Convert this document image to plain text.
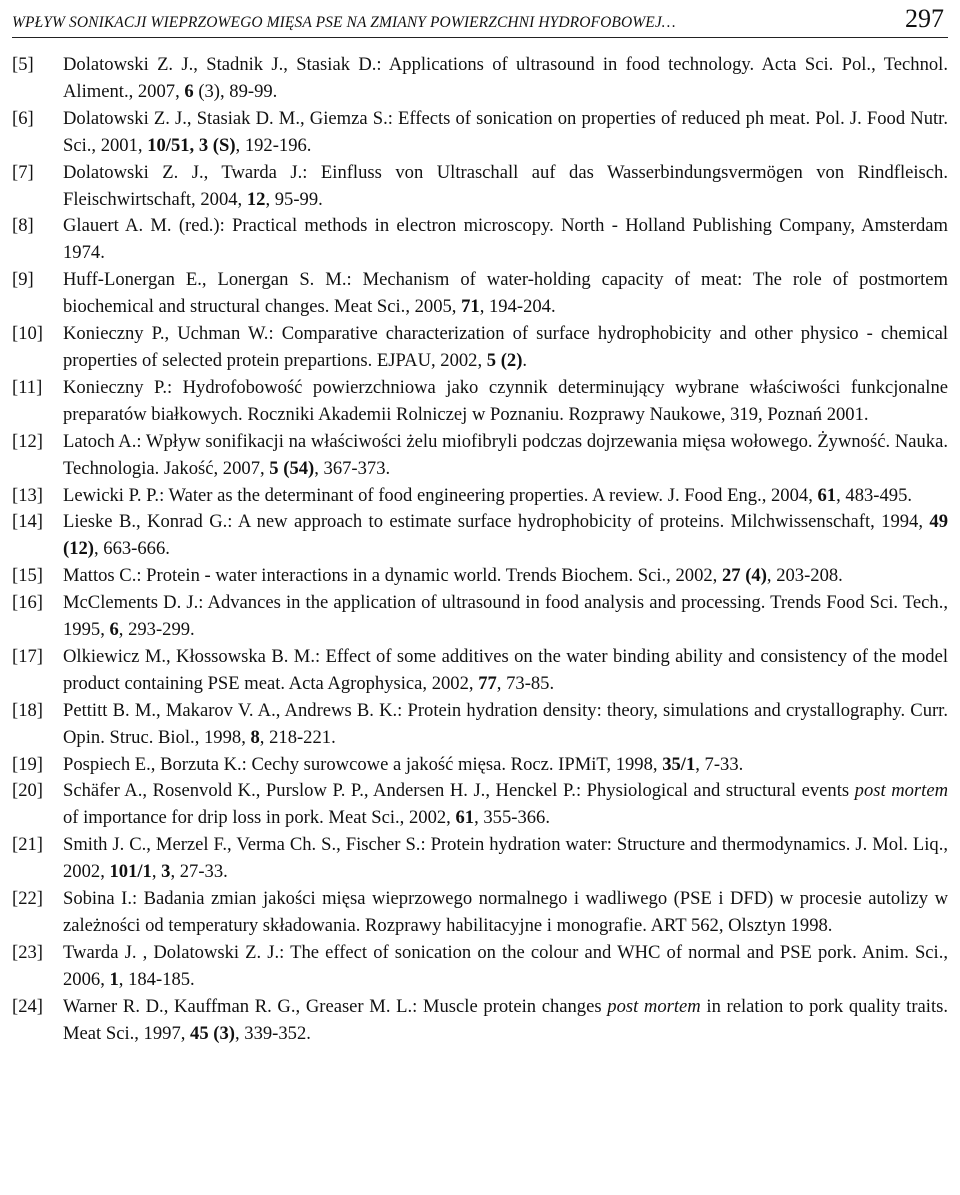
WPŁYW SONIKACJI WIEPRZOWEGO MIĘSA PSE NA ZMIANY POWIERZCHNI HYDROFOBOWEJ…	297
[5]	Dolatowski Z. J., Stadnik J., Stasiak D.: Applications of ultrasound in food technology. Acta Sci. Pol., Technol. Aliment., 2007, 6 (3), 89-99.
[6]	Dolatowski Z. J., Stasiak D. M., Giemza S.: Effects of sonication on properties of reduced ph meat. Pol. J. Food Nutr. Sci., 2001, 10/51, 3 (S), 192-196.
[7]	Dolatowski Z. J., Twarda J.: Einfluss von Ultraschall auf das Wasserbindungsvermögen von Rindfleisch. Fleischwirtschaft, 2004, 12, 95-99.
[8]	Glauert A. M. (red.): Practical methods in electron microscopy. North - Holland Publishing Company, Amsterdam 1974.
[9]	Huff-Lonergan E., Lonergan S. M.: Mechanism of water-holding capacity of meat: The role of postmortem biochemical and structural changes. Meat Sci., 2005, 71, 194-204.
[10]	Konieczny P., Uchman W.: Comparative characterization of surface hydrophobicity and other physico - chemical properties of selected protein prepartions. EJPAU, 2002, 5 (2).
[11]	Konieczny P.: Hydrofobowość powierzchniowa jako czynnik determinujący wybrane właściwości funkcjonalne preparatów białkowych. Roczniki Akademii Rolniczej w Poznaniu. Rozprawy Naukowe, 319, Poznań 2001.
[12]	Latoch A.: Wpływ sonifikacji na właściwości żelu miofibryli podczas dojrzewania mięsa wołowego. Żywność. Nauka. Technologia. Jakość, 2007, 5 (54), 367-373.
[13]	Lewicki P. P.: Water as the determinant of food engineering properties. A review. J. Food Eng., 2004, 61, 483-495.
[14]	Lieske B., Konrad G.: A new approach to estimate surface hydrophobicity of proteins. Milchwissenschaft, 1994, 49 (12), 663-666.
[15]	Mattos C.: Protein - water interactions in a dynamic world. Trends Biochem. Sci., 2002, 27 (4), 203-208.
[16]	McClements D. J.: Advances in the application of ultrasound in food analysis and processing. Trends Food Sci. Tech., 1995, 6, 293-299.
[17]	Olkiewicz M., Kłossowska B. M.: Effect of some additives on the water binding ability and consistency of the model product containing PSE meat. Acta Agrophysica, 2002, 77, 73-85.
[18]	Pettitt B. M., Makarov V. A., Andrews B. K.: Protein hydration density: theory, simulations and crystallography. Curr. Opin. Struc. Biol., 1998, 8, 218-221.
[19]	Pospiech E., Borzuta K.: Cechy surowcowe a jakość mięsa. Rocz. IPMiT, 1998, 35/1, 7-33.
[20]	Schäfer A., Rosenvold K., Purslow P. P., Andersen H. J., Henckel P.: Physiological and structural events post mortem of importance for drip loss in pork. Meat Sci., 2002, 61, 355-366.
[21]	Smith J. C., Merzel F., Verma Ch. S., Fischer S.: Protein hydration water: Structure and thermodynamics. J. Mol. Liq., 2002, 101/1, 3, 27-33.
[22]	Sobina I.: Badania zmian jakości mięsa wieprzowego normalnego i wadliwego (PSE i DFD) w procesie autolizy w zależności od temperatury składowania. Rozprawy habilitacyjne i monografie. ART 562, Olsztyn 1998.
[23]	Twarda J. , Dolatowski Z. J.: The effect of sonication on the colour and WHC of normal and PSE pork. Anim. Sci., 2006, 1, 184-185.
[24]	Warner R. D., Kauffman R. G., Greaser M. L.: Muscle protein changes post mortem in relation to pork quality traits. Meat Sci., 1997, 45 (3), 339-352.
